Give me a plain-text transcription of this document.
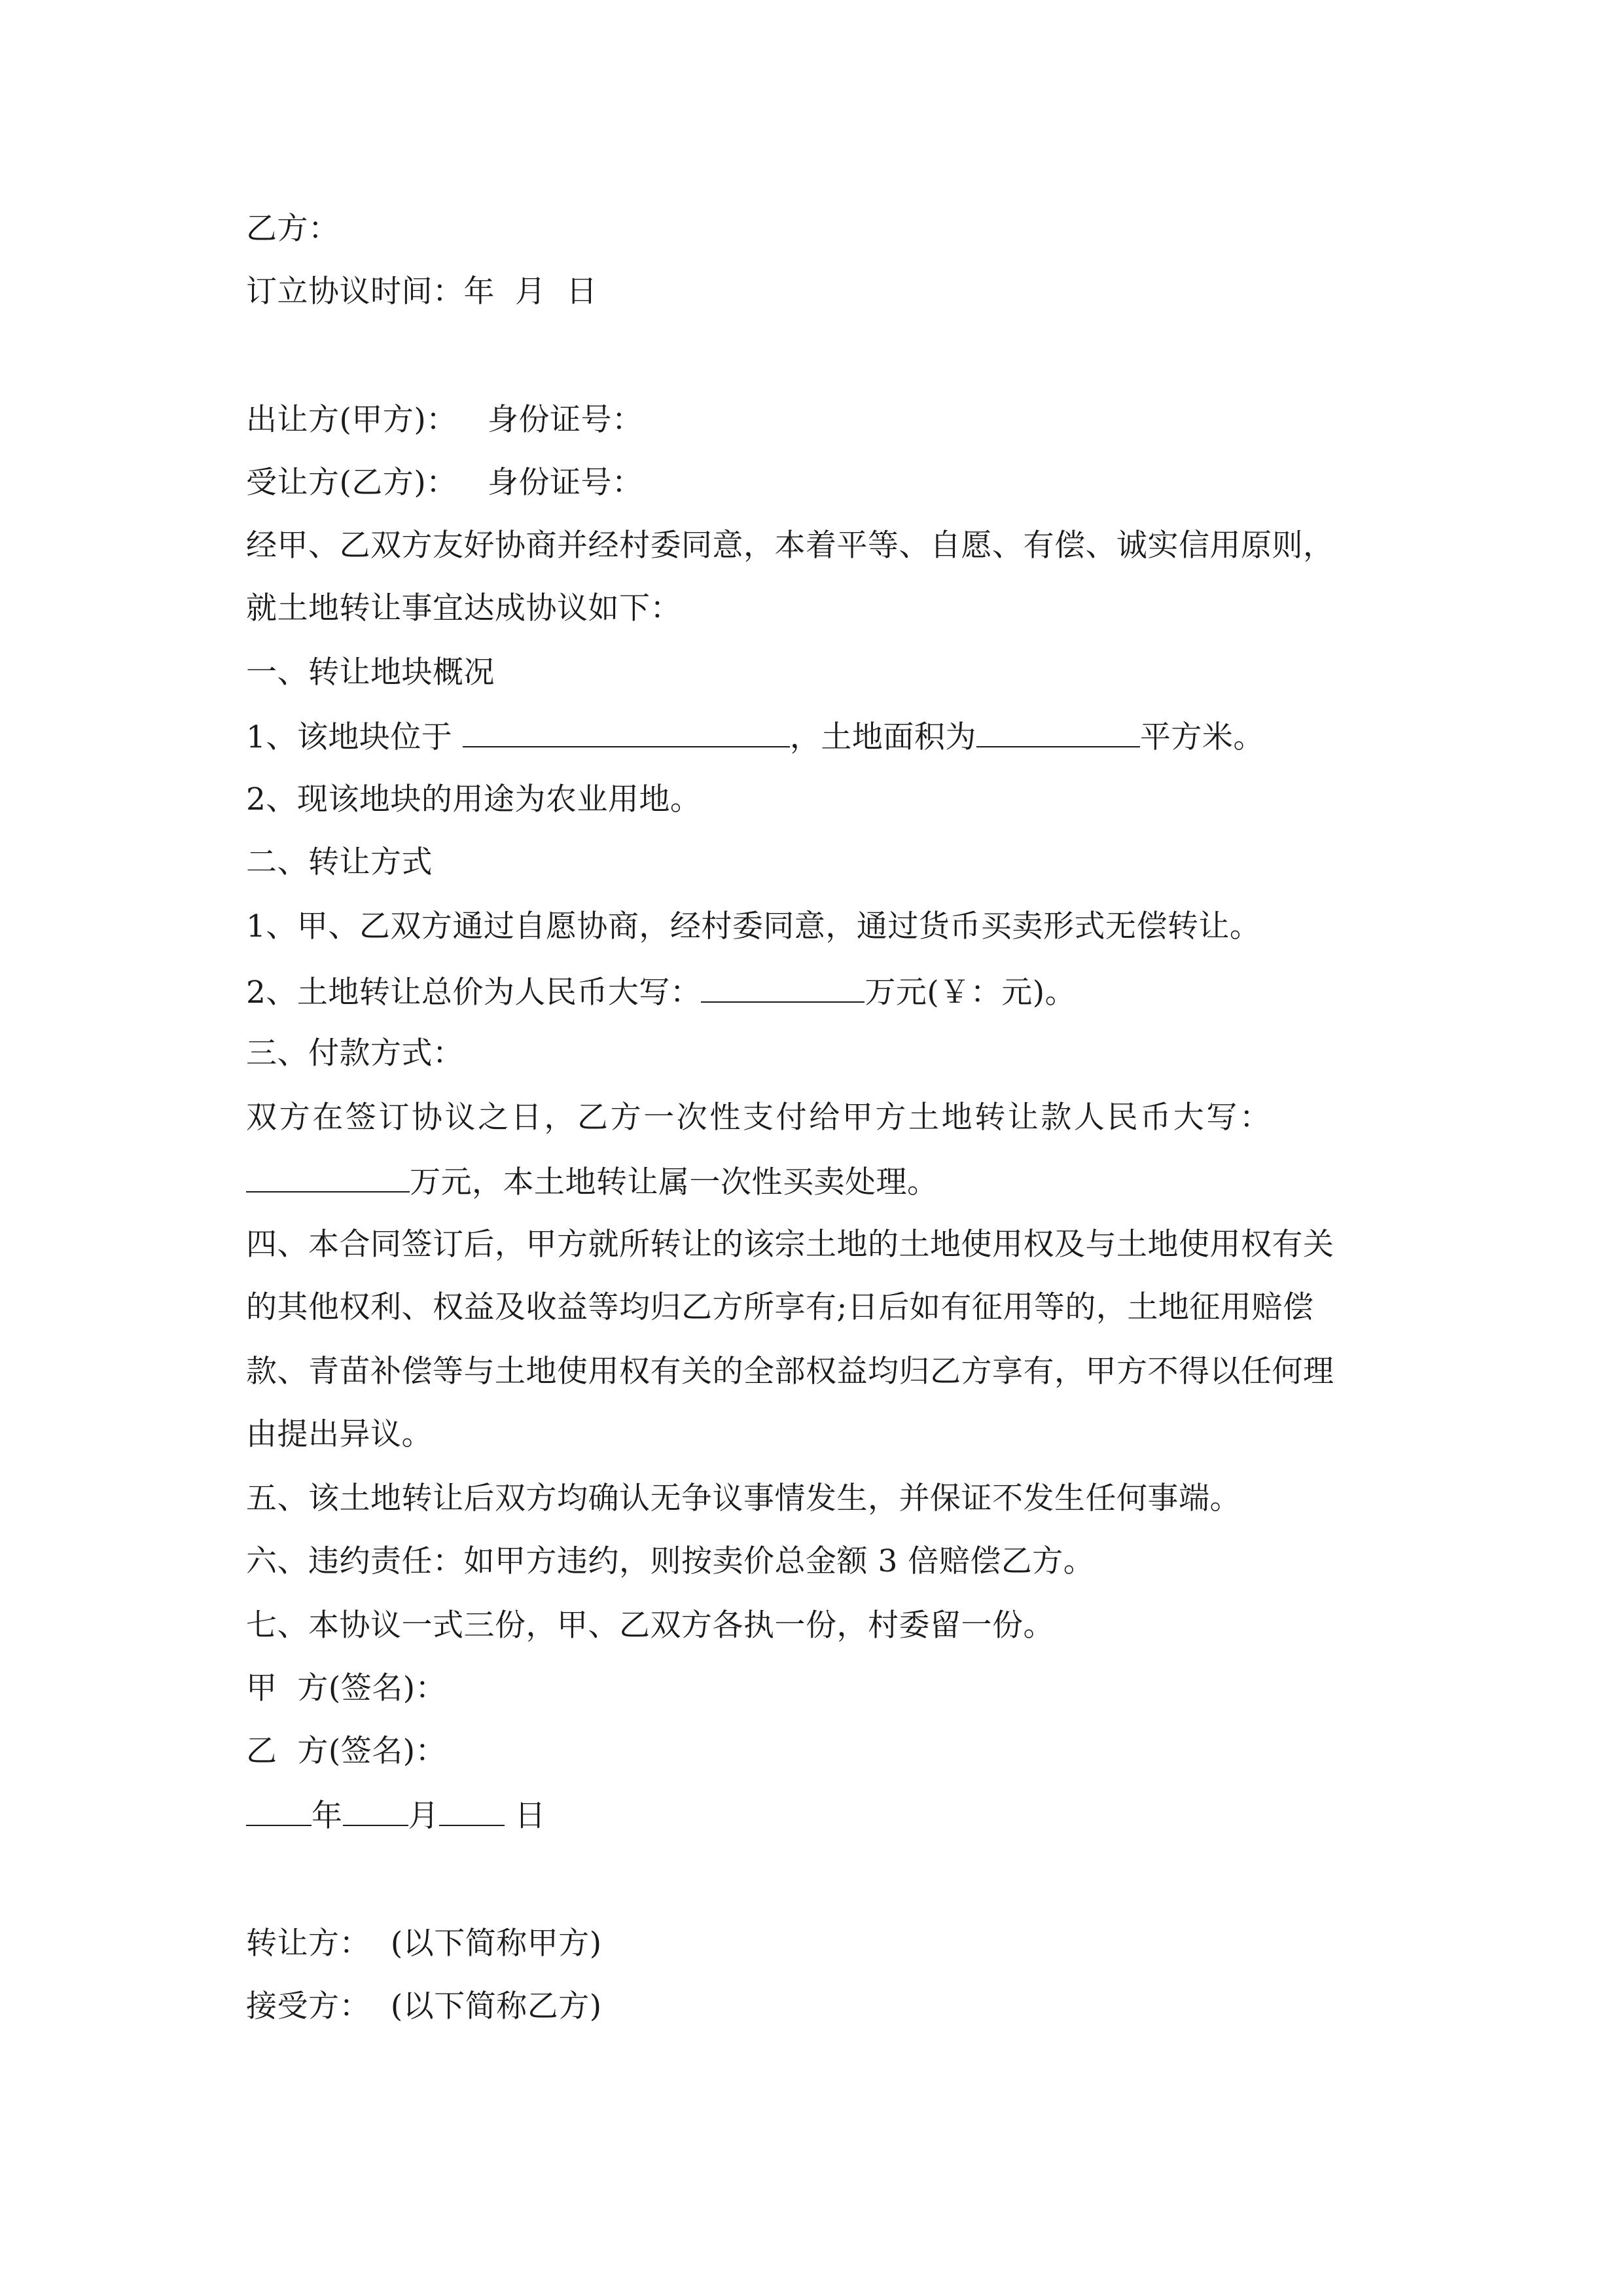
乙方：
订立协议时间：年  月  日
出让方(甲方)：   身份证号：
受让方(乙方)：   身份证号：
经甲、乙双方友好协商并经村委同意，本着平等、自愿、有偿、诚实信用原则，
就土地转让事宜达成协议如下：
一、转让地块概况
1、该地块位于	，土地面积为	平方米。
2、现该地块的用途为农业用地。
二、转让方式
1、甲、乙双方通过自愿协商，经村委同意，通过货币买卖形式无偿转让。
2、土地转让总价为人民币大写：	万元(￥：元)。
三、付款方式：
双方在签订协议之日，乙方一次性支付给甲方土地转让款人民币大写：
万元，本土地转让属一次性买卖处理。
四、本合同签订后，甲方就所转让的该宗土地的土地使用权及与土地使用权有关
的其他权利、权益及收益等均归乙方所享有;日后如有征用等的，土地征用赔偿
款、青苗补偿等与土地使用权有关的全部权益均归乙方享有，甲方不得以任何理
由提出异议。
五、该土地转让后双方均确认无争议事情发生，并保证不发生任何事端。
六、违约责任：如甲方违约，则按卖价总金额 3 倍赔偿乙方。
七、本协议一式三份，甲、乙双方各执一份，村委留一份。
甲  方(签名)：
乙  方(签名)：
年 月 日
转让方：  (以下简称甲方)
接受方：  (以下简称乙方)
